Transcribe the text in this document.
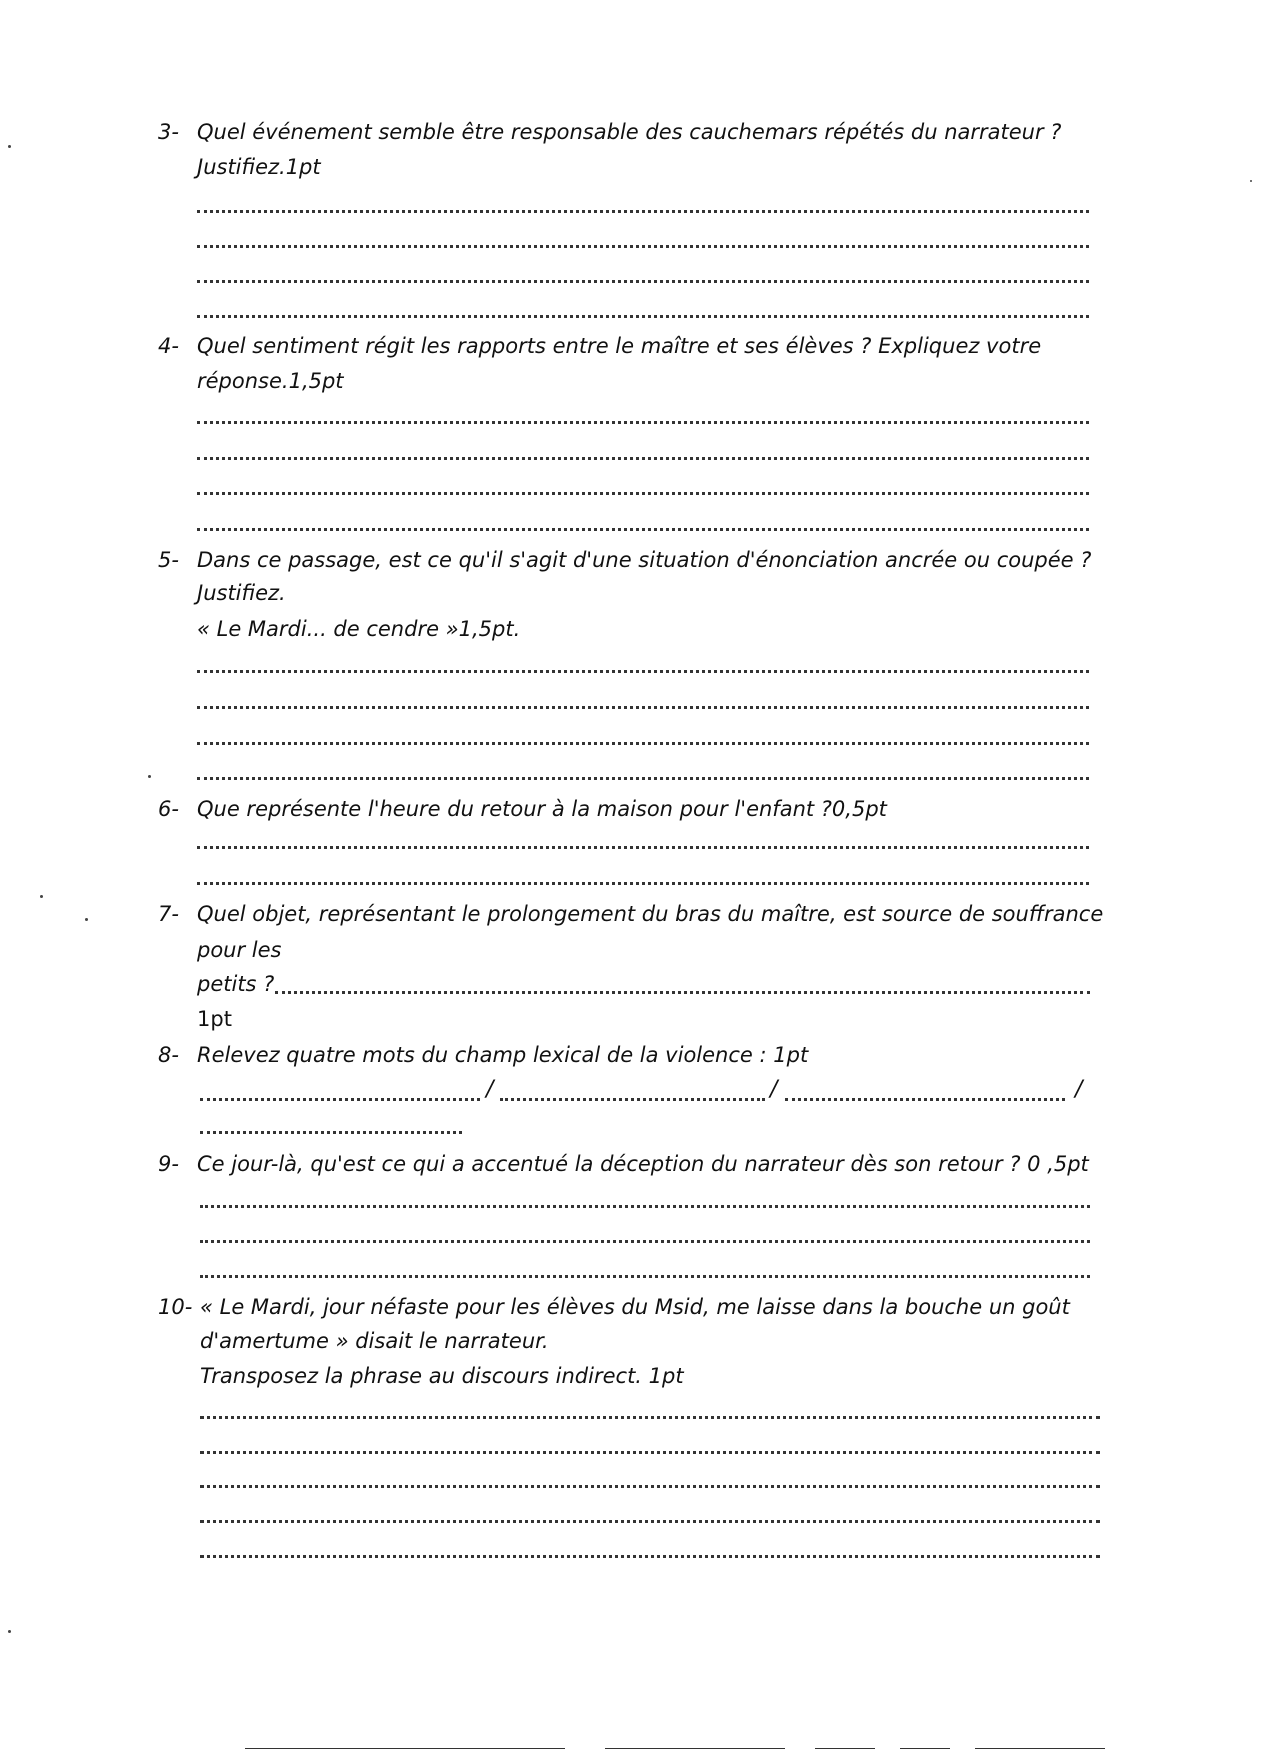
3- Quel événement semble être responsable des cauchemars répétés du narrateur ?
Justifiez.1pt
4- Quel sentiment régit les rapports entre le maître et ses élèves ? Expliquez votre
réponse.1,5pt
5- Dans ce passage, est ce qu'il s'agit d'une situation d'énonciation ancrée ou coupée ?
Justifiez.
« Le Mardi... de cendre »1,5pt.
6- Que représente l'heure du retour à la maison pour l'enfant ?0,5pt
7- Quel objet, représentant le prolongement du bras du maître, est source de souffrance
pour les
petits ?
1pt
8- Relevez quatre mots du champ lexical de la violence : 1pt
/	/	/
9- Ce jour-là, qu'est ce qui a accentué la déception du narrateur dès son retour ? 0 ,5pt
10- « Le Mardi, jour néfaste pour les élèves du Msid, me laisse dans la bouche un goût
d'amertume » disait le narrateur.
Transposez la phrase au discours indirect. 1pt
